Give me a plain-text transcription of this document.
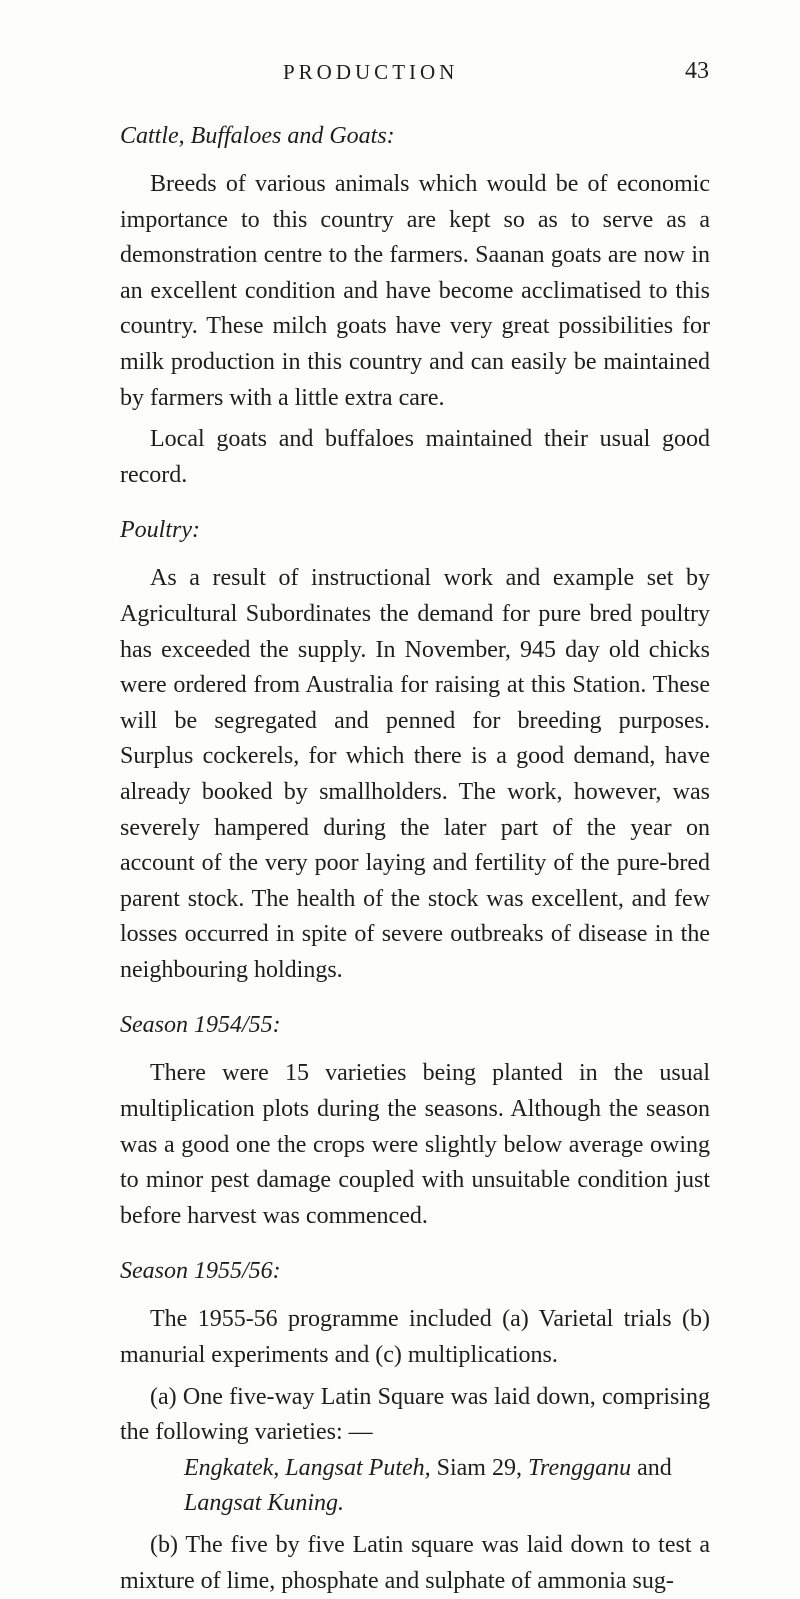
PRODUCTION	43

Cattle, Buffaloes and Goats:

Breeds of various animals which would be of economic importance to this country are kept so as to serve as a demonstration centre to the farmers. Saanan goats are now in an excellent condition and have become acclimatised to this country. These milch goats have very great possibilities for milk production in this country and can easily be maintained by farmers with a little extra care.

Local goats and buffaloes maintained their usual good record.

Poultry:

As a result of instructional work and example set by Agricultural Subordinates the demand for pure bred poultry has exceeded the supply. In November, 945 day old chicks were ordered from Australia for raising at this Station. These will be segregated and penned for breeding purposes. Surplus cockerels, for which there is a good demand, have already booked by smallholders. The work, however, was severely hampered during the later part of the year on account of the very poor laying and fertility of the pure-bred parent stock. The health of the stock was excellent, and few losses occurred in spite of severe outbreaks of disease in the neighbouring holdings.

Season 1954/55:

There were 15 varieties being planted in the usual multiplication plots during the seasons. Although the season was a good one the crops were slightly below average owing to minor pest damage coupled with unsuitable condition just before harvest was commenced.

Season 1955/56:

The 1955-56 programme included (a) Varietal trials (b) manurial experiments and (c) multiplications.

(a) One five-way Latin Square was laid down, comprising the following varieties: —

Engkatek, Langsat Puteh, Siam 29, Trengganu and Langsat Kuning.

(b) The five by five Latin square was laid down to test a mixture of lime, phosphate and sulphate of ammonia sug-
